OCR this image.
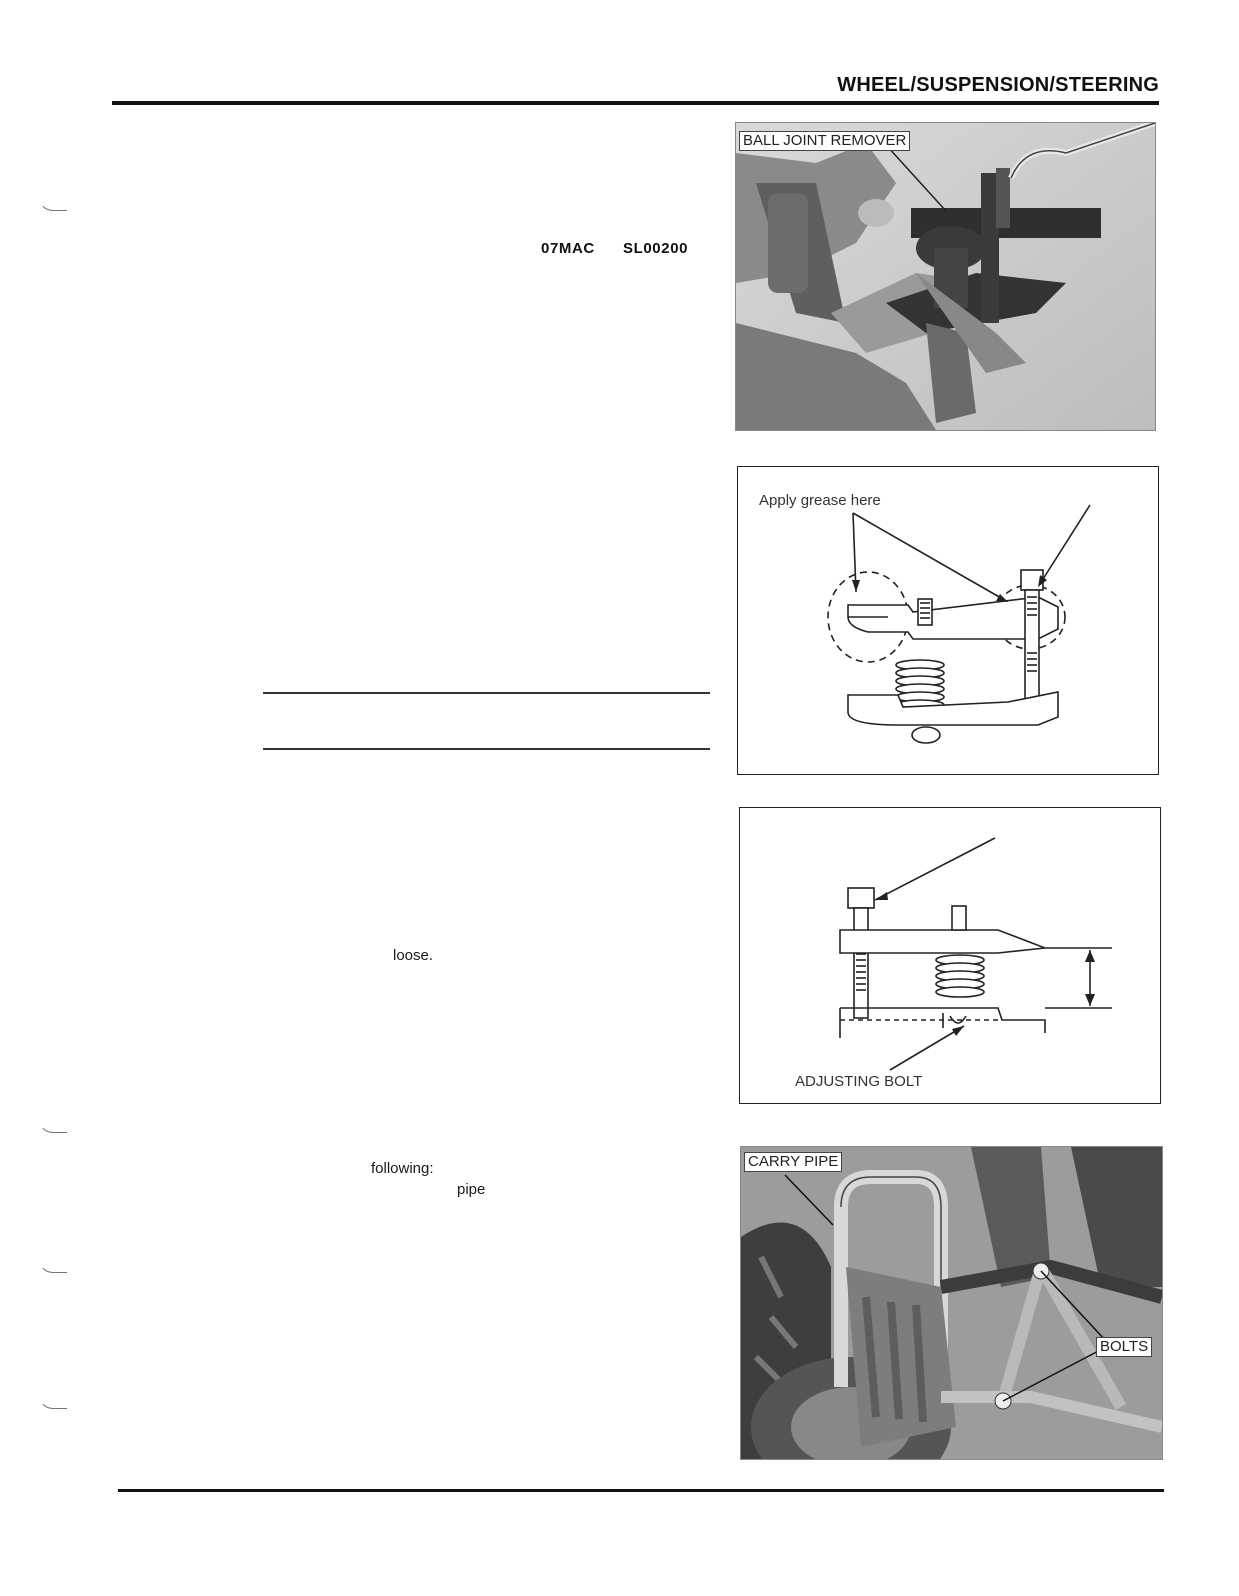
WHEEL/SUSPENSION/STEERING
07MAC SL00200
loose.
following:
pipe
BALL JOINT REMOVER
Apply grease here
ADJUSTING BOLT
CARRY PIPE
BOLTS
